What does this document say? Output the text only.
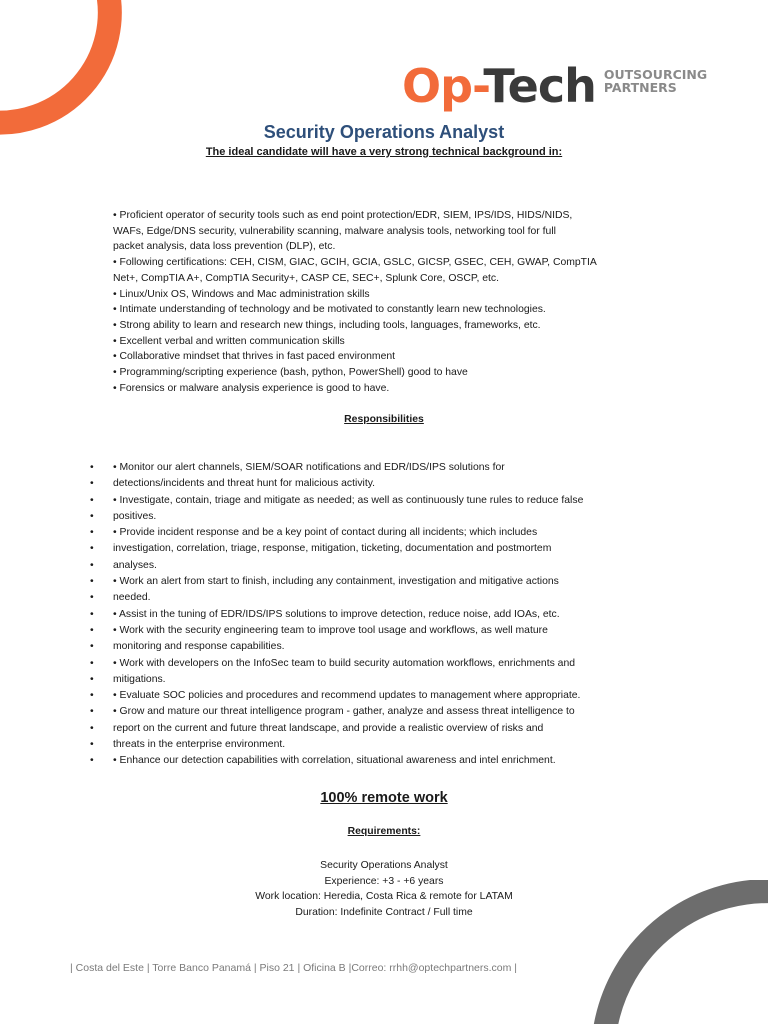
Op-Tech OUTSOURCING
PARTNERS
Security Operations Analyst
The ideal candidate will have a very strong technical background in:
• Proficient operator of security tools such as end point protection/EDR, SIEM, IPS/IDS, HIDS/NIDS,
WAFs, Edge/DNS security, vulnerability scanning, malware analysis tools, networking tool for full
packet analysis, data loss prevention (DLP), etc.
• Following certifications: CEH, CISM, GIAC, GCIH, GCIA, GSLC, GICSP, GSEC, CEH, GWAP, CompTIA
Net+, CompTIA A+, CompTIA Security+, CASP CE, SEC+, Splunk Core, OSCP, etc.
• Linux/Unix OS, Windows and Mac administration skills
• Intimate understanding of technology and be motivated to constantly learn new technologies.
• Strong ability to learn and research new things, including tools, languages, frameworks, etc.
• Excellent verbal and written communication skills
• Collaborative mindset that thrives in fast paced environment
• Programming/scripting experience (bash, python, PowerShell) good to have
• Forensics or malware analysis experience is good to have.
Responsibilities
• • Monitor our alert channels, SIEM/SOAR notifications and EDR/IDS/IPS solutions for
• detections/incidents and threat hunt for malicious activity.
• • Investigate, contain, triage and mitigate as needed; as well as continuously tune rules to reduce false
• positives.
• • Provide incident response and be a key point of contact during all incidents; which includes
• investigation, correlation, triage, response, mitigation, ticketing, documentation and postmortem
• analyses.
• • Work an alert from start to finish, including any containment, investigation and mitigative actions
• needed.
• • Assist in the tuning of EDR/IDS/IPS solutions to improve detection, reduce noise, add IOAs, etc.
• • Work with the security engineering team to improve tool usage and workflows, as well mature
• monitoring and response capabilities.
• • Work with developers on the InfoSec team to build security automation workflows, enrichments and
• mitigations.
• • Evaluate SOC policies and procedures and recommend updates to management where appropriate.
• • Grow and mature our threat intelligence program - gather, analyze and assess threat intelligence to
• report on the current and future threat landscape, and provide a realistic overview of risks and
• threats in the enterprise environment.
• • Enhance our detection capabilities with correlation, situational awareness and intel enrichment.
100% remote work
Requirements:
Security Operations Analyst
Experience: +3 - +6 years
Work location: Heredia, Costa Rica & remote for LATAM
Duration: Indefinite Contract / Full time
| Costa del Este | Torre Banco Panamá | Piso 21 | Oficina B |Correo: rrhh@optechpartners.com |
